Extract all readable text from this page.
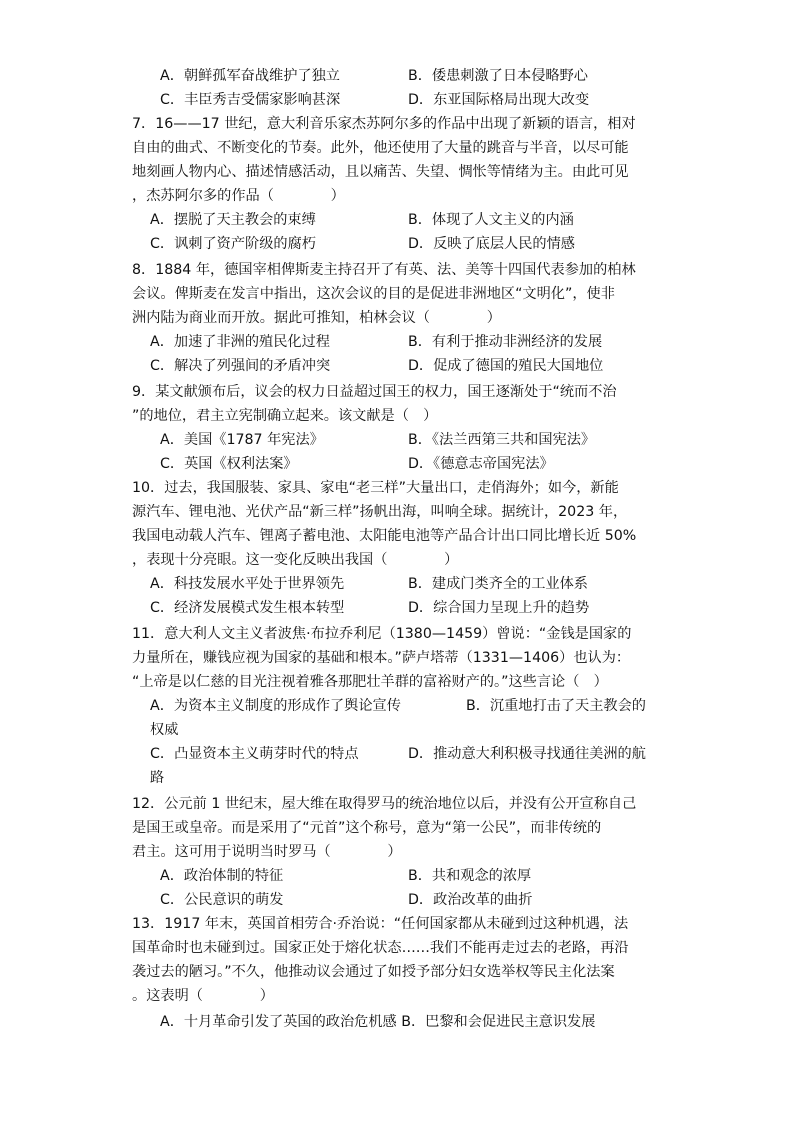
A．朝鲜孤军奋战维护了独立	B．倭患刺激了日本侵略野心
C．丰臣秀吉受儒家影响甚深	D．东亚国际格局出现大改变
7．16——17 世纪，意大利音乐家杰苏阿尔多的作品中出现了新颖的语言，相对
自由的曲式、不断变化的节奏。此外，他还使用了大量的跳音与半音，以尽可能
地刻画人物内心、描述情感活动，且以痛苦、失望、惆怅等情绪为主。由此可见
，杰苏阿尔多的作品（　　　　）
A．摆脱了天主教会的束缚	B．体现了人文主义的内涵
C．讽刺了资产阶级的腐朽	D．反映了底层人民的情感
8．1884 年，德国宰相俾斯麦主持召开了有英、法、美等十四国代表参加的柏林
会议。俾斯麦在发言中指出，这次会议的目的是促进非洲地区“文明化”，使非
洲内陆为商业而开放。据此可推知，柏林会议（　　　　）
A．加速了非洲的殖民化过程	B．有利于推动非洲经济的发展
C．解决了列强间的矛盾冲突	D．促成了德国的殖民大国地位
9．某文献颁布后，议会的权力日益超过国王的权力，国王逐渐处于“统而不治
”的地位，君主立宪制确立起来。该文献是（　）
A．美国《1787 年宪法》	B．《法兰西第三共和国宪法》
C．英国《权利法案》	D．《德意志帝国宪法》
10．过去，我国服装、家具、家电“老三样”大量出口，走俏海外；如今，新能
源汽车、锂电池、光伏产品“新三样”扬帆出海，叫响全球。据统计，2023 年，
我国电动载人汽车、锂离子蓄电池、太阳能电池等产品合计出口同比增长近 50%
，表现十分亮眼。这一变化反映出我国（　　　　）
A．科技发展水平处于世界领先	B．建成门类齐全的工业体系
C．经济发展模式发生根本转型	D．综合国力呈现上升的趋势
11．意大利人文主义者波焦·布拉乔利尼（1380—1459）曾说：“金钱是国家的
力量所在，赚钱应视为国家的基础和根本。”萨卢塔蒂（1331—1406）也认为：
“上帝是以仁慈的目光注视着雅各那肥壮羊群的富裕财产的。”这些言论（　）
A．为资本主义制度的形成作了舆论宣传	B．沉重地打击了天主教会的
权威
C．凸显资本主义萌芽时代的特点	D．推动意大利积极寻找通往美洲的航
路
12．公元前 1 世纪末，屋大维在取得罗马的统治地位以后，并没有公开宣称自己
是国王或皇帝。而是采用了“元首”这个称号，意为“第一公民”，而非传统的
君主。这可用于说明当时罗马（　　　　）
A．政治体制的特征	B．共和观念的浓厚
C．公民意识的萌发	D．政治改革的曲折
13．1917 年末，英国首相劳合·乔治说：“任何国家都从未碰到过这种机遇，法
国革命时也未碰到过。国家正处于熔化状态……我们不能再走过去的老路，再沿
袭过去的陋习。”不久，他推动议会通过了如授予部分妇女选举权等民主化法案
。这表明（　　　　）
A．十月革命引发了英国的政治危机感 B．巴黎和会促进民主意识发展
